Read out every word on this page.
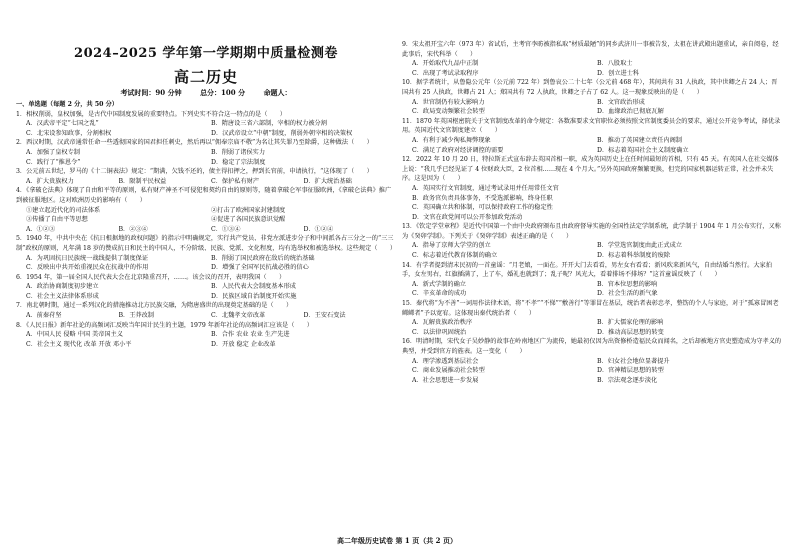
2024–2025 学年第一学期期中质量检测卷
高二历史
考试时间：90 分钟	总分：100 分	命题人：
一、单选题（每题 2 分，共 50 分）
1．相权削弱，皇权加强，是古代中国制度发展的重要特点。下列史实不符合这一特点的是（　　）
A．汉武帝平定“七国之乱”	B．隋唐设三省六部制，宰相的权力被分割
C．北宋设参知政事，分割相权	D．汉武帝设立“中朝”制度，削弱外朝宰相的决策权
2．西汉时期，汉武帝通常任命一些透彻国家的国君担任刺史，然后再以“佣奉宗庙不敬”为名让其失罪乃至除爵，这种做法（　　）
A．加强了皇权专制	B．削弱了诸侯实力
C．践行了“推恩令”	D．稳定了宗法制度
3．公元前五世纪，罗马的《十二铜表法》规定：“期满，欠钱不还的，债主得扣押之，押到长官前，申请执行，“这体现了（　　）
A．扩大贵族权力	B．限制平民权益	C．保护私有财产	D．扩大统治基础
4．《拿破仑法典》体现了自由和平等的原则，私有财产神圣不可侵犯和契约自由的原则等，随着拿破仑军事征服欧洲，《拿破仑法典》推广到被征服地区。这对欧洲历史的影响有（　　）
①建立起近代化的司法体系	②打击了欧洲国家封建制度
③传播了自由平等思想	④促进了各国民族意识觉醒
A．①②③	B．②③④	C．①③④	D．①②④
5．1940 年，中共中央在《抗日根据地的政权问题》的指示中明确规定，实行共产党员、非党左派进步分子和中间派各占三分之一的“三三制”政权的原则，凡年满 18 岁的赞成抗日和民主的中国人，不分阶级、民族、党派、文化程度，均有选举权和被选举权。这些规定（　　）
A．为巩固抗日民族统一战线提供了制度保证	B．削弱了国民政府在敌后的统治基础
C．反映出中共开始重视民众在抗战中的作用	D．增强了全国军民抗战必胜的信心
6．1954 年，第一届全国人民代表大会在北京隆重召开，……。该会议的召开，表明我国（　　）
A．政治协商制度初步建立	B．人民代表大会制度基本形成
C．社会主义法律体系形成	D．民族区域自治制度开始实施
7．南北朝时期，通过一系列汉化的措施推动北方民族交融，为隋唐盛世的出现奠定基础的是（　　）
A．前秦苻坚	B．王莽改制	C．北魏孝文帝改革	D．王安石变法
8．《人民日报》新年社论的高频词汇反映当年国计民生的主题，1979 年新年社论的高频词汇应该是（　　）
A．中国人民 侵略 中国 美帝国主义	B．合作 农业 农业 生产先进
C．社会主义 现代化 改革 开放 邓小平	D．开放 稳定 企业改革
9．宋太祖开宝六年（973 年）省试后，主考官李昉被指私取“材质最陋”的同乡武济川一事被告发，太祖在讲武殿出题重试，亲自阅卷，经此事后，宋代科举（　　）
A．开始取代九品中正制	B．八股取士
C．出现了考试录取程序	D．创立进士科
10．据学者统计，从鲁隐公元年（公元前 722 年）到鲁哀公二十七年（公元前 468 年），其间共有 31 人执政，其中世卿之占 24 人；晋国共有 25 人执政，世卿占 21 人；郑国共有 72 人执政，世卿之子占了 62 人。这一现象反映出的是（　　）
A．世官制仍有较大影响力	B．文官政治形成
C．政局变动频繁社会转型	D．血缘政治已彻底瓦解
11．1870 年英国枢密院关于文官制度改革的命令规定：各数准要求文官职位必须按照文官制度委员会的要求，通过公开竞争考试，择优录用。英国近代文官制度建立（　　）
A．有利于减少徇私舞弊现象	B．推动了英国建立责任内阁制
C．满足了政府对经济调控的需要	D．标志着英国社会主义制度确立
12．2022 年 10 月 20 日，特拉斯正式宣布辞去英国首相一职，成为英国历史上在任时间最短的首相，只有 45 天。有英国人在社交媒体上说：“我几乎已经见证了 4 位财政大臣，2 位首相……现在 4 个月大。”另外英国政府频繁更换，但完的国家机器运转正常，社会并未失序。这是因为（　　）
A．英国实行文官制度，通过考试录用并任用常任文官
B．政务官负责具体事务，不受选派影响，终身任职
C．英国确立共和体制，可以保持政府工作的稳定性
D．文官在政党间可以公开参加政党活动
13．《钦定学堂章程》是近代中国第一个由中央政府颁布且由政府督导实施的全国性法定学制系统，此学制于 1904 年 1 月公布实行，又称为《癸卯学制》。下列关于《癸卯学制》表述正确的是（　　）
A．指导了京师大学堂的创立	B．学堂选官制度由此正式成立
C．标志着近代教育体制的确立	D．标志着科举制度的废除
14．有学者提到清末民初的一首童谣：“月老娘，一面在。开开大门去看看，男左女右看看；新风吹来新风气，自由结婚当然行。大家拍手，女左男右，红旗插满了，上了车，婚礼也就到了；乱子呢？风光大，看着排场不排场？”这首童谣反映了（　　）
A．新式学制的确立	B．官本位思想的影响
C．辛亥革命的成功	D．社会生活的新气象
15．秦代将“为不善”一词用作法律术语，将“不孝”“不悌”“敷善行”等罪冒在基层，统治者表彰忠孝，整饬的个人与家庭，对于“孤寡冒困老鳏鳏者”予以宽宥。这体现出秦代统治者（　　）
A．瓦解贵族政治秩序	B．扩大儒家伦理的影响
C．以法律巩固统治	D．推动高层思想的转变
16．明清时期，宋代女子吴妙静的故事在岭南地区广为流传，她最初仅因为出资修桥造福民众而闻名，之后却被地方官吏塑造成为守孝义的典型，并受到官方的旌表。这一变化（　　）
A．理学渗透到基层社会	B．妇女社会地位显著提升
C．商业发展推动社会转型	D．官神精层思想的转型
A．社会思想进一步发展	B．宗法观念逐步淡化
高二年级历史试卷 第 1 页（共 2 页）
